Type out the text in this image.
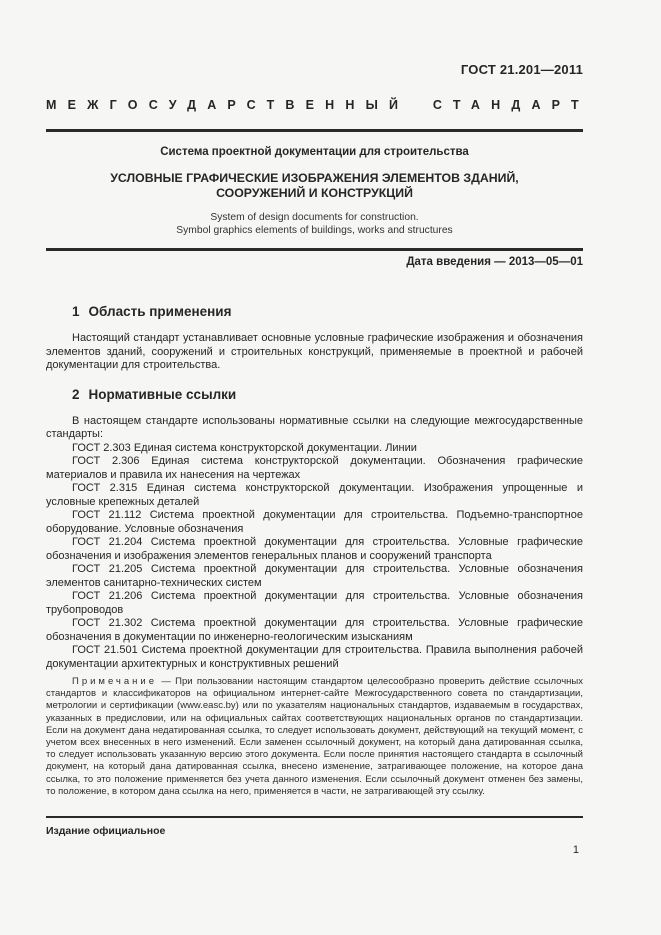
ГОСТ 21.201—2011
МЕЖГОСУДАРСТВЕННЫЙ СТАНДАРТ

Система проектной документации для строительства

УСЛОВНЫЕ ГРАФИЧЕСКИЕ ИЗОБРАЖЕНИЯ ЭЛЕМЕНТОВ ЗДАНИЙ,
СООРУЖЕНИЙ И КОНСТРУКЦИЙ

System of design documents for construction.
Symbol graphics elements of buildings, works and structures

Дата введения — 2013—05—01
1 Область применения

Настоящий стандарт устанавливает основные условные графические изображения и обозначения элементов зданий, сооружений и строительных конструкций, применяемые в проектной и рабочей документации для строительства.

2 Нормативные ссылки

В настоящем стандарте использованы нормативные ссылки на следующие межгосударственные стандарты:

ГОСТ 2.303 Единая система конструкторской документации. Линии

ГОСТ 2.306 Единая система конструкторской документации. Обозначения графические материалов и правила их нанесения на чертежах

ГОСТ 2.315 Единая система конструкторской документации. Изображения упрощенные и условные крепежных деталей

ГОСТ 21.112 Система проектной документации для строительства. Подъемно-транспортное оборудование. Условные обозначения

ГОСТ 21.204 Система проектной документации для строительства. Условные графические обозначения и изображения элементов генеральных планов и сооружений транспорта

ГОСТ 21.205 Система проектной документации для строительства. Условные обозначения элементов санитарно-технических систем

ГОСТ 21.206 Система проектной документации для строительства. Условные обозначения трубопроводов

ГОСТ 21.302 Система проектной документации для строительства. Условные графические обозначения в документации по инженерно-геологическим изысканиям

ГОСТ 21.501 Система проектной документации для строительства. Правила выполнения рабочей документации архитектурных и конструктивных решений

Примечание — При пользовании настоящим стандартом целесообразно проверить действие ссылочных стандартов и классификаторов на официальном интернет-сайте Межгосударственного совета по стандартизации, метрологии и сертификации (www.easc.by) или по указателям национальных стандартов, издаваемым в государствах, указанных в предисловии, или на официальных сайтах соответствующих национальных органов по стандартизации. Если на документ дана недатированная ссылка, то следует использовать документ, действующий на текущий момент, с учетом всех внесенных в него изменений. Если заменен ссылочный документ, на который дана датированная ссылка, то следует использовать указанную версию этого документа. Если после принятия настоящего стандарта в ссылочный документ, на который дана датированная ссылка, внесено изменение, затрагивающее положение, на которое дана ссылка, то это положение применяется без учета данного изменения. Если ссылочный документ отменен без замены, то положение, в котором дана ссылка на него, применяется в части, не затрагивающей эту ссылку.

Издание официальное
1
